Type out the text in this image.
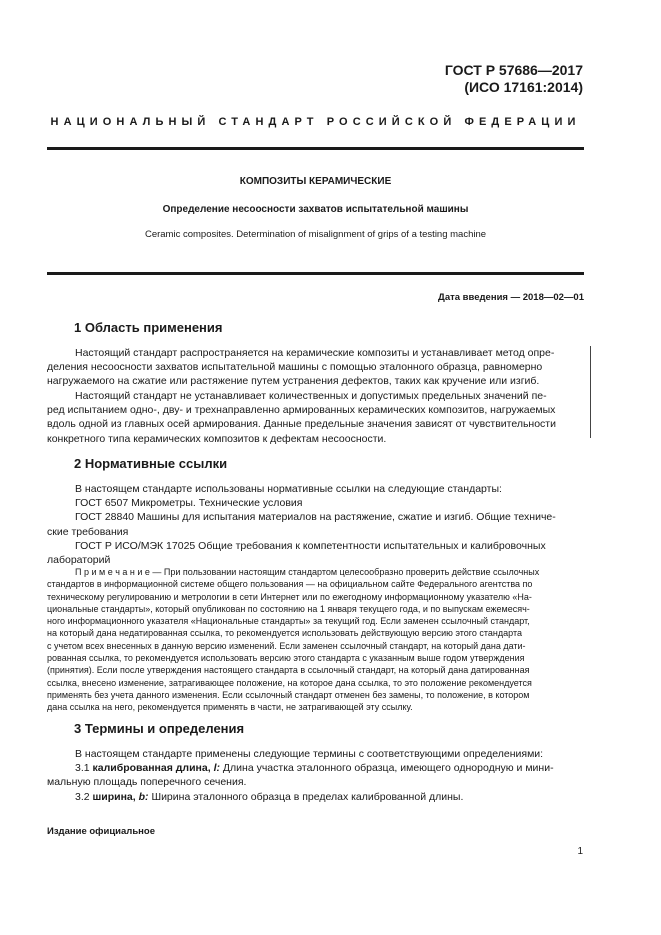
ГОСТ Р 57686—2017
(ИСО 17161:2014)
НАЦИОНАЛЬНЫЙ СТАНДАРТ РОССИЙСКОЙ ФЕДЕРАЦИИ
КОМПОЗИТЫ КЕРАМИЧЕСКИЕ
Определение несоосности захватов испытательной машины
Ceramic composites. Determination of misalignment of grips of a testing machine
Дата введения — 2018—02—01
1 Область применения
Настоящий стандарт распространяется на керамические композиты и устанавливает метод опре-
деления несоосности захватов испытательной машины с помощью эталонного образца, равномерно
нагружаемого на сжатие или растяжение путем устранения дефектов, таких как кручение или изгиб.
Настоящий стандарт не устанавливает количественных и допустимых предельных значений пе-
ред испытанием одно-, дву- и трехнаправленно армированных керамических композитов, нагружаемых
вдоль одной из главных осей армирования. Данные предельные значения зависят от чувствительности
конкретного типа керамических композитов к дефектам несоосности.
2 Нормативные ссылки
В настоящем стандарте использованы нормативные ссылки на следующие стандарты:
ГОСТ 6507 Микрометры. Технические условия
ГОСТ 28840 Машины для испытания материалов на растяжение, сжатие и изгиб. Общие техниче-
ские требования
ГОСТ Р ИСО/МЭК 17025 Общие требования к компетентности испытательных и калибровочных
лабораторий
П р и м е ч а н и е — При пользовании настоящим стандартом целесообразно проверить действие ссылочных
стандартов в информационной системе общего пользования — на официальном сайте Федерального агентства по
техническому регулированию и метрологии в сети Интернет или по ежегодному информационному указателю «На-
циональные стандарты», который опубликован по состоянию на 1 января текущего года, и по выпускам ежемесяч-
ного информационного указателя «Национальные стандарты» за текущий год. Если заменен ссылочный стандарт,
на который дана недатированная ссылка, то рекомендуется использовать действующую версию этого стандарта
с учетом всех внесенных в данную версию изменений. Если заменен ссылочный стандарт, на который дана дати-
рованная ссылка, то рекомендуется использовать версию этого стандарта с указанным выше годом утверждения
(принятия). Если после утверждения настоящего стандарта в ссылочный стандарт, на который дана датированная
ссылка, внесено изменение, затрагивающее положение, на которое дана ссылка, то это положение рекомендуется
применять без учета данного изменения. Если ссылочный стандарт отменен без замены, то положение, в котором
дана ссылка на него, рекомендуется применять в части, не затрагивающей эту ссылку.
3 Термины и определения
В настоящем стандарте применены следующие термины с соответствующими определениями:
3.1 калиброванная длина, l: Длина участка эталонного образца, имеющего однородную и мини-
мальную площадь поперечного сечения.
3.2 ширина, b: Ширина эталонного образца в пределах калиброванной длины.
Издание официальное
1
